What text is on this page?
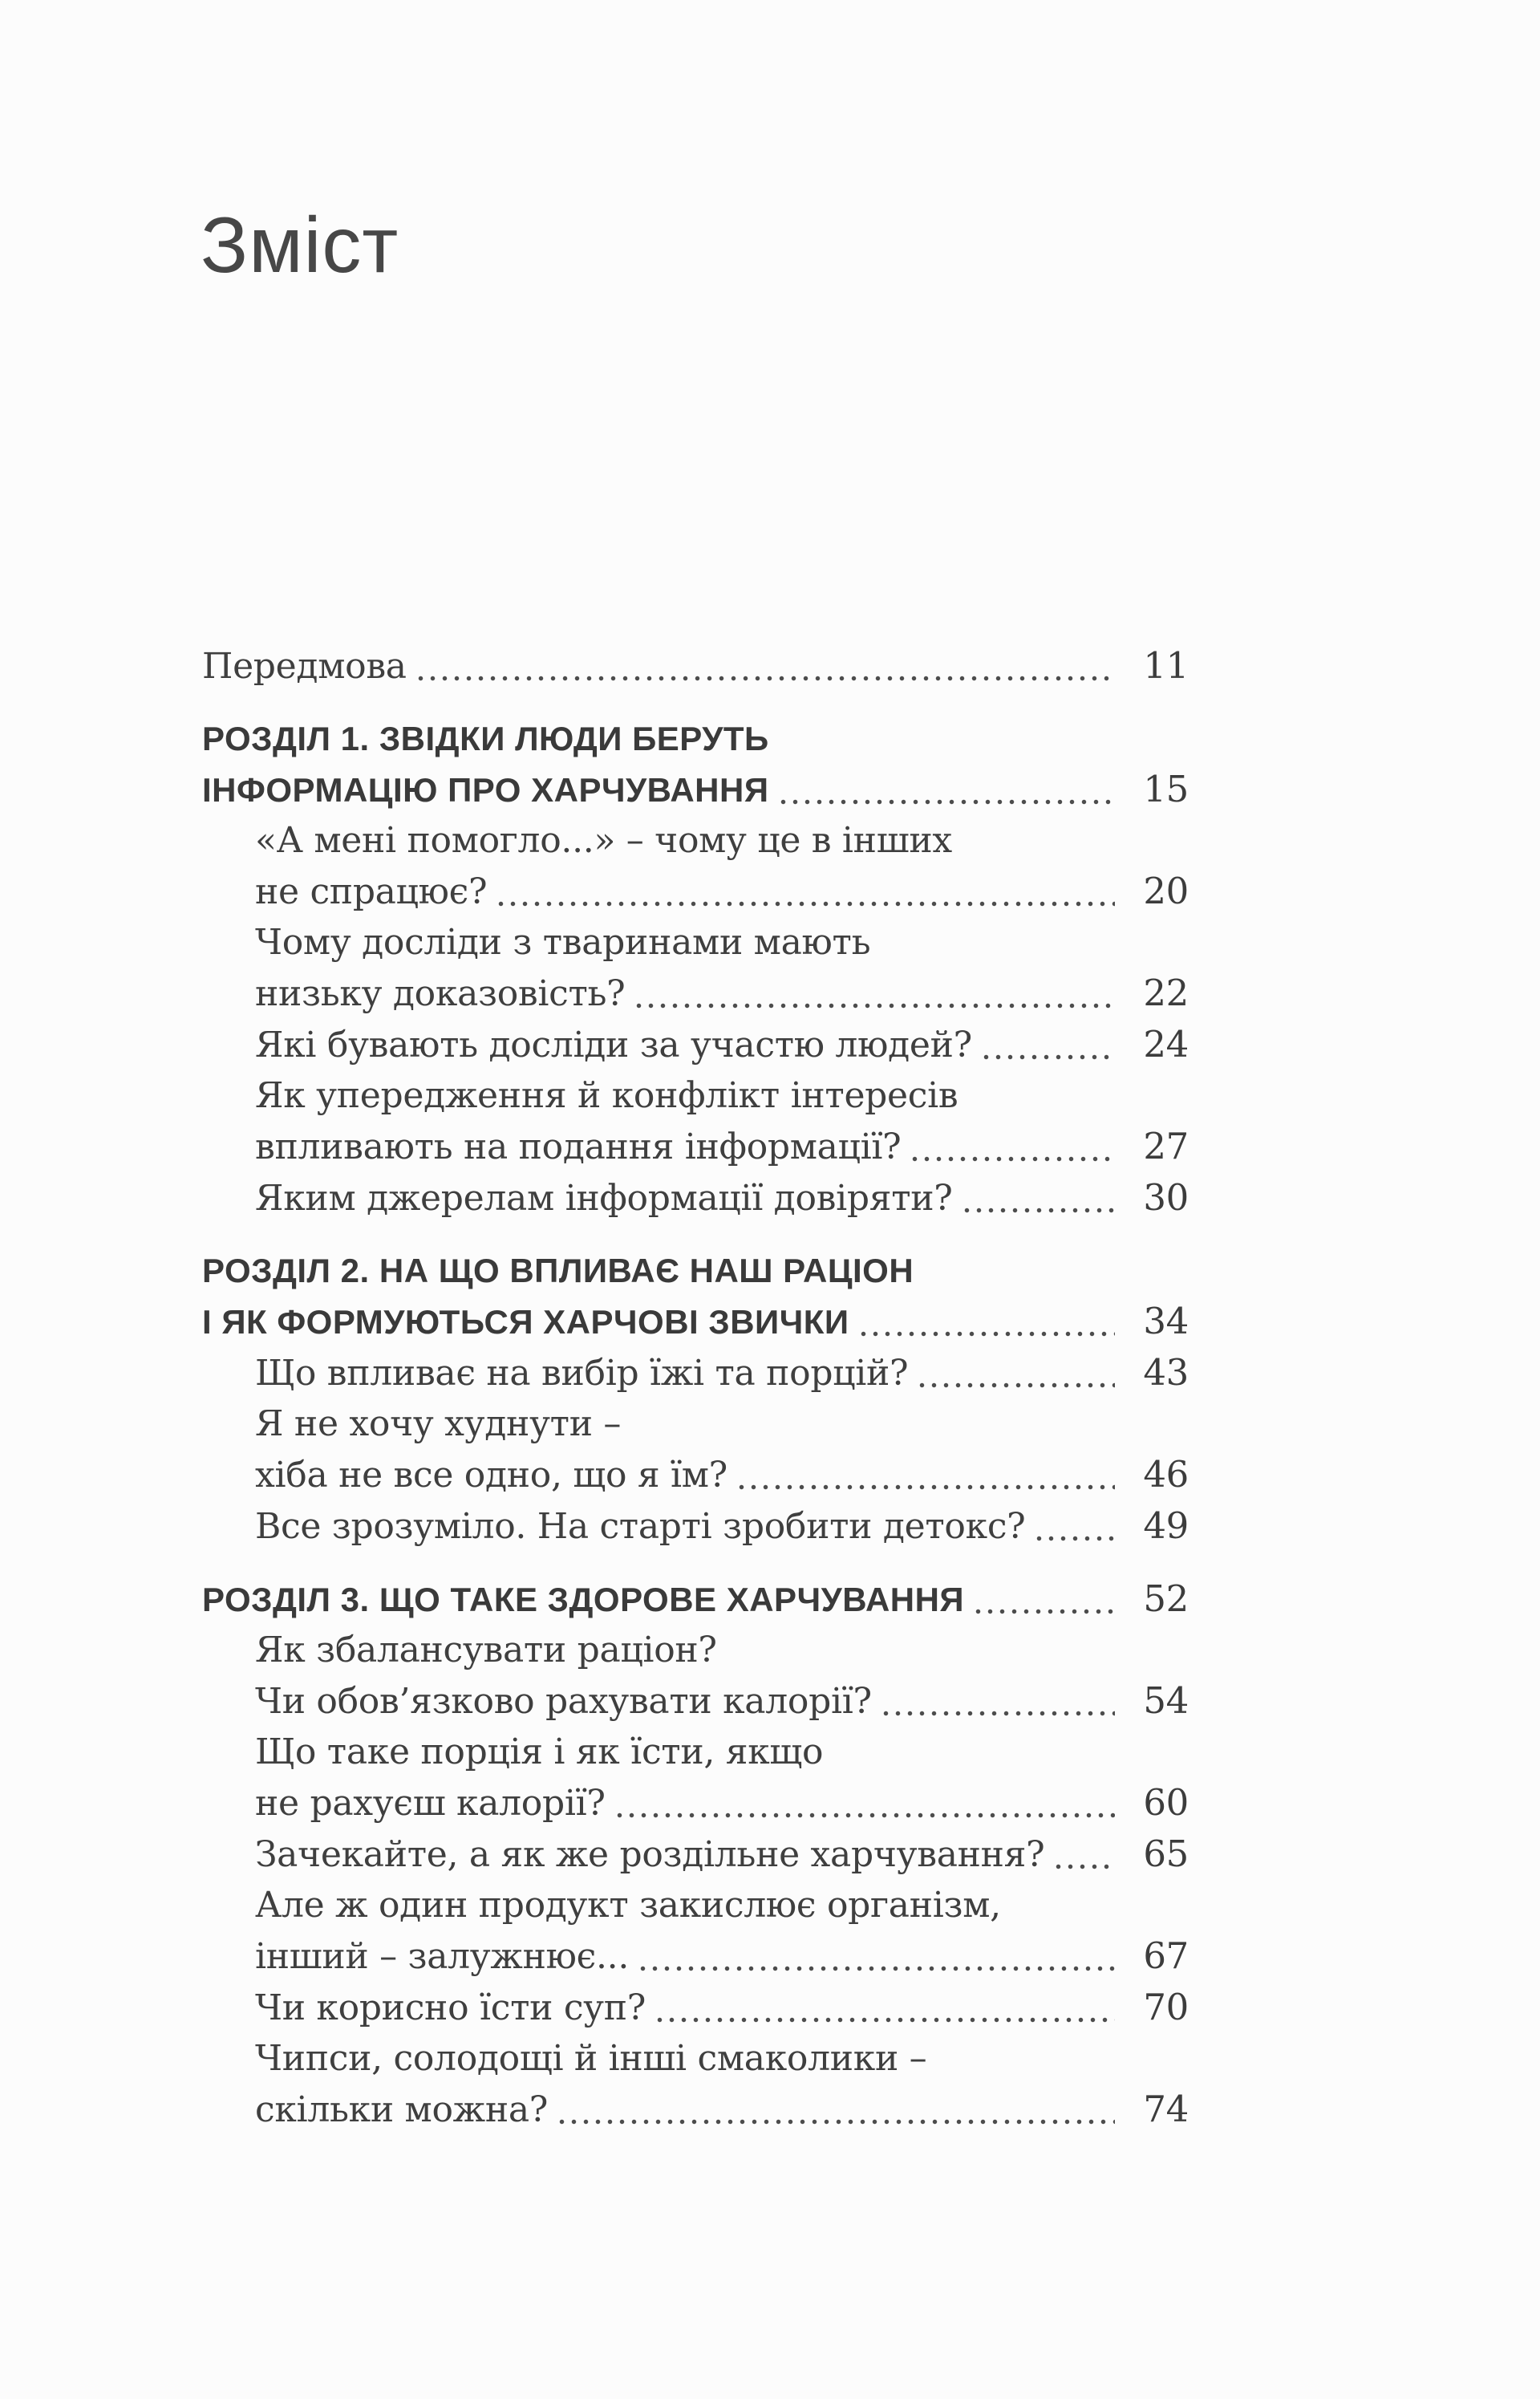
Зміст
Передмова	11
РОЗДІЛ 1. ЗВІДКИ ЛЮДИ БЕРУТЬ
ІНФОРМАЦІЮ ПРО ХАРЧУВАННЯ	15
«А мені помогло...» – чому це в інших
не спрацює?	20
Чому досліди з тваринами мають
низьку доказовість?	22
Які бувають досліди за участю людей?	24
Як упередження й конфлікт інтересів
впливають на подання інформації?	27
Яким джерелам інформації довіряти?	30
РОЗДІЛ 2. НА ЩО ВПЛИВАЄ НАШ РАЦІОН
І ЯК ФОРМУЮТЬСЯ ХАРЧОВІ ЗВИЧКИ	34
Що впливає на вибір їжі та порцій?	43
Я не хочу худнути –
хіба не все одно, що я їм?	46
Все зрозуміло. На старті зробити детокс?	49
РОЗДІЛ 3. ЩО ТАКЕ ЗДОРОВЕ ХАРЧУВАННЯ	52
Як збалансувати раціон?
Чи обов’язково рахувати калорії?	54
Що таке порція і як їсти, якщо
не рахуєш калорії?	60
Зачекайте, а як же роздільне харчування?	65
Але ж один продукт закислює організм,
інший – залужнює...	67
Чи корисно їсти суп?	70
Чипси, солодощі й інші смаколики –
скільки можна?	74
